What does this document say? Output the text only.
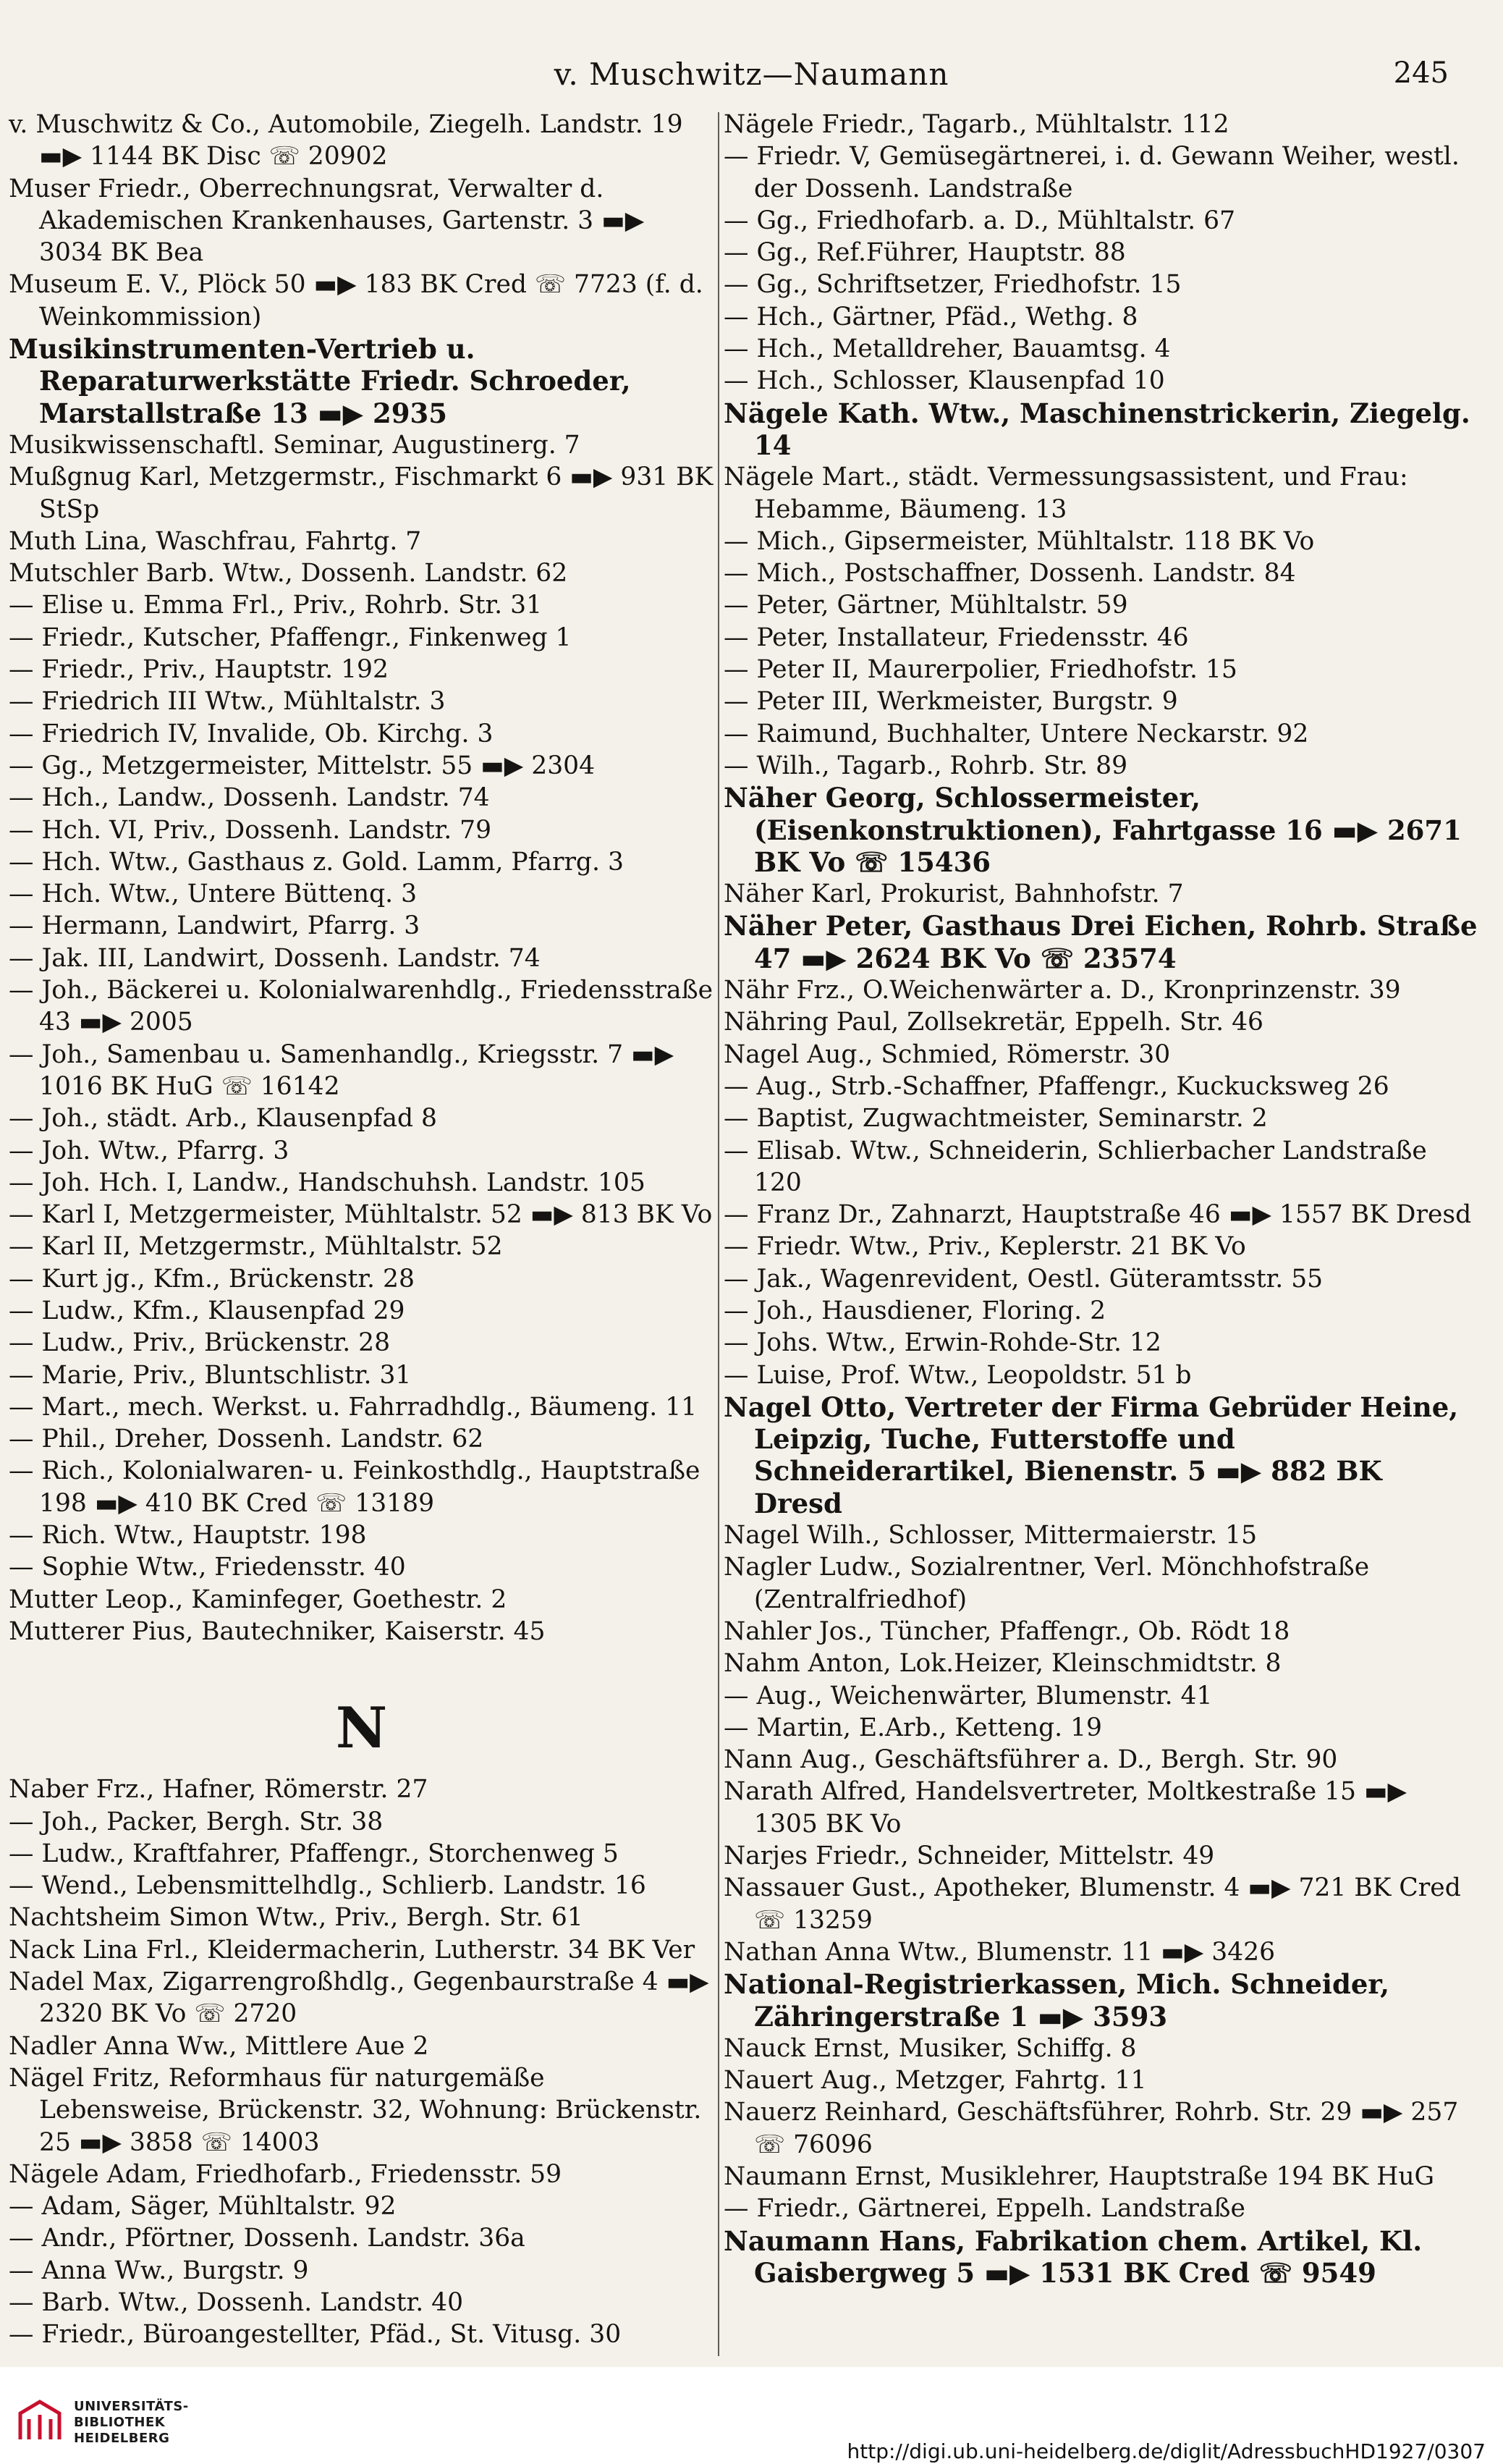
v. Muschwitz—Naumann	245
v. Muschwitz & Co., Automobile, Ziegelh. Landstr. 19 ▬▶ 1144 BK Disc ☏ 20902
Muser Friedr., Oberrechnungsrat, Verwalter d. Akademischen Krankenhauses, Gartenstr. 3 ▬▶ 3034 BK Bea
Museum E. V., Plöck 50 ▬▶ 183 BK Cred ☏ 7723 (f. d. Weinkommission)
Musikinstrumenten-Vertrieb u. Reparaturwerkstätte Friedr. Schroeder, Marstallstraße 13 ▬▶ 2935
Musikwissenschaftl. Seminar, Augustinerg. 7
Mußgnug Karl, Metzgermstr., Fischmarkt 6 ▬▶ 931 BK StSp
Muth Lina, Waschfrau, Fahrtg. 7
Mutschler Barb. Wtw., Dossenh. Landstr. 62
— Elise u. Emma Frl., Priv., Rohrb. Str. 31
— Friedr., Kutscher, Pfaffengr., Finkenweg 1
— Friedr., Priv., Hauptstr. 192
— Friedrich III Wtw., Mühltalstr. 3
— Friedrich IV, Invalide, Ob. Kirchg. 3
— Gg., Metzgermeister, Mittelstr. 55 ▬▶ 2304
— Hch., Landw., Dossenh. Landstr. 74
— Hch. VI, Priv., Dossenh. Landstr. 79
— Hch. Wtw., Gasthaus z. Gold. Lamm, Pfarrg. 3
— Hch. Wtw., Untere Büttenq. 3
— Hermann, Landwirt, Pfarrg. 3
— Jak. III, Landwirt, Dossenh. Landstr. 74
— Joh., Bäckerei u. Kolonialwarenhdlg., Friedensstraße 43 ▬▶ 2005
— Joh., Samenbau u. Samenhandlg., Kriegsstr. 7 ▬▶ 1016 BK HuG ☏ 16142
— Joh., städt. Arb., Klausenpfad 8
— Joh. Wtw., Pfarrg. 3
— Joh. Hch. I, Landw., Handschuhsh. Landstr. 105
— Karl I, Metzgermeister, Mühltalstr. 52 ▬▶ 813 BK Vo
— Karl II, Metzgermstr., Mühltalstr. 52
— Kurt jg., Kfm., Brückenstr. 28
— Ludw., Kfm., Klausenpfad 29
— Ludw., Priv., Brückenstr. 28
— Marie, Priv., Bluntschlistr. 31
— Mart., mech. Werkst. u. Fahrradhdlg., Bäumeng. 11
— Phil., Dreher, Dossenh. Landstr. 62
— Rich., Kolonialwaren- u. Feinkosthdlg., Hauptstraße 198 ▬▶ 410 BK Cred ☏ 13189
— Rich. Wtw., Hauptstr. 198
— Sophie Wtw., Friedensstr. 40
Mutter Leop., Kaminfeger, Goethestr. 2
Mutterer Pius, Bautechniker, Kaiserstr. 45
N
Naber Frz., Hafner, Römerstr. 27
— Joh., Packer, Bergh. Str. 38
— Ludw., Kraftfahrer, Pfaffengr., Storchenweg 5
— Wend., Lebensmittelhdlg., Schlierb. Landstr. 16
Nachtsheim Simon Wtw., Priv., Bergh. Str. 61
Nack Lina Frl., Kleidermacherin, Lutherstr. 34 BK Ver
Nadel Max, Zigarrengroßhdlg., Gegenbaurstraße 4 ▬▶ 2320 BK Vo ☏ 2720
Nadler Anna Ww., Mittlere Aue 2
Nägel Fritz, Reformhaus für naturgemäße Lebensweise, Brückenstr. 32, Wohnung: Brückenstr. 25 ▬▶ 3858 ☏ 14003
Nägele Adam, Friedhofarb., Friedensstr. 59
— Adam, Säger, Mühltalstr. 92
— Andr., Pförtner, Dossenh. Landstr. 36a
— Anna Ww., Burgstr. 9
— Barb. Wtw., Dossenh. Landstr. 40
— Friedr., Büroangestellter, Pfäd., St. Vitusg. 30
Nägele Friedr., Tagarb., Mühltalstr. 112
— Friedr. V, Gemüsegärtnerei, i. d. Gewann Weiher, westl. der Dossenh. Landstraße
— Gg., Friedhofarb. a. D., Mühltalstr. 67
— Gg., Ref.Führer, Hauptstr. 88
— Gg., Schriftsetzer, Friedhofstr. 15
— Hch., Gärtner, Pfäd., Wethg. 8
— Hch., Metalldreher, Bauamtsg. 4
— Hch., Schlosser, Klausenpfad 10
Nägele Kath. Wtw., Maschinenstrickerin, Ziegelg. 14
Nägele Mart., städt. Vermessungsassistent, und Frau: Hebamme, Bäumeng. 13
— Mich., Gipsermeister, Mühltalstr. 118 BK Vo
— Mich., Postschaffner, Dossenh. Landstr. 84
— Peter, Gärtner, Mühltalstr. 59
— Peter, Installateur, Friedensstr. 46
— Peter II, Maurerpolier, Friedhofstr. 15
— Peter III, Werkmeister, Burgstr. 9
— Raimund, Buchhalter, Untere Neckarstr. 92
— Wilh., Tagarb., Rohrb. Str. 89
Näher Georg, Schlossermeister, (Eisenkonstruktionen), Fahrtgasse 16 ▬▶ 2671 BK Vo ☏ 15436
Näher Karl, Prokurist, Bahnhofstr. 7
Näher Peter, Gasthaus Drei Eichen, Rohrb. Straße 47 ▬▶ 2624 BK Vo ☏ 23574
Nähr Frz., O.Weichenwärter a. D., Kronprinzenstr. 39
Nähring Paul, Zollsekretär, Eppelh. Str. 46
Nagel Aug., Schmied, Römerstr. 30
— Aug., Strb.-Schaffner, Pfaffengr., Kuckucksweg 26
— Baptist, Zugwachtmeister, Seminarstr. 2
— Elisab. Wtw., Schneiderin, Schlierbacher Landstraße 120
— Franz Dr., Zahnarzt, Hauptstraße 46 ▬▶ 1557 BK Dresd
— Friedr. Wtw., Priv., Keplerstr. 21 BK Vo
— Jak., Wagenrevident, Oestl. Güteramtsstr. 55
— Joh., Hausdiener, Floring. 2
— Johs. Wtw., Erwin-Rohde-Str. 12
— Luise, Prof. Wtw., Leopoldstr. 51 b
Nagel Otto, Vertreter der Firma Gebrüder Heine, Leipzig, Tuche, Futterstoffe und Schneiderartikel, Bienenstr. 5 ▬▶ 882 BK Dresd
Nagel Wilh., Schlosser, Mittermaierstr. 15
Nagler Ludw., Sozialrentner, Verl. Mönchhofstraße (Zentralfriedhof)
Nahler Jos., Tüncher, Pfaffengr., Ob. Rödt 18
Nahm Anton, Lok.Heizer, Kleinschmidtstr. 8
— Aug., Weichenwärter, Blumenstr. 41
— Martin, E.Arb., Ketteng. 19
Nann Aug., Geschäftsführer a. D., Bergh. Str. 90
Narath Alfred, Handelsvertreter, Moltkestraße 15 ▬▶ 1305 BK Vo
Narjes Friedr., Schneider, Mittelstr. 49
Nassauer Gust., Apotheker, Blumenstr. 4 ▬▶ 721 BK Cred ☏ 13259
Nathan Anna Wtw., Blumenstr. 11 ▬▶ 3426
National-Registrierkassen, Mich. Schneider, Zähringerstraße 1 ▬▶ 3593
Nauck Ernst, Musiker, Schiffg. 8
Nauert Aug., Metzger, Fahrtg. 11
Nauerz Reinhard, Geschäftsführer, Rohrb. Str. 29 ▬▶ 257 ☏ 76096
Naumann Ernst, Musiklehrer, Hauptstraße 194 BK HuG
— Friedr., Gärtnerei, Eppelh. Landstraße
Naumann Hans, Fabrikation chem. Artikel, Kl. Gaisbergweg 5 ▬▶ 1531 BK Cred ☏ 9549
UNIVERSITÄTS-
BIBLIOTHEK
HEIDELBERG
http://digi.ub.uni-heidelberg.de/diglit/AdressbuchHD1927/0307
